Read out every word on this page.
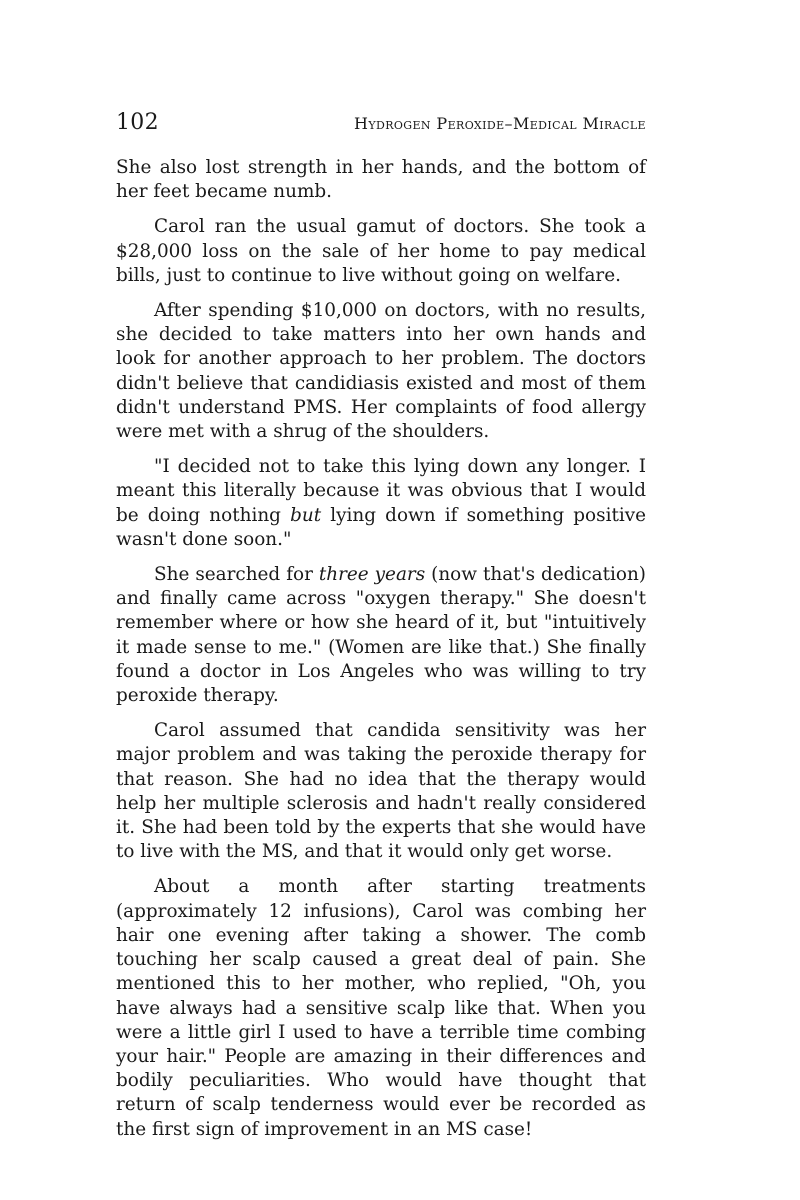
102	Hydrogen Peroxide–Medical Miracle

She also lost strength in her hands, and the bottom of her feet became numb.

Carol ran the usual gamut of doctors. She took a $28,000 loss on the sale of her home to pay medical bills, just to continue to live without going on welfare.

After spending $10,000 on doctors, with no results, she decided to take matters into her own hands and look for another approach to her problem. The doctors didn't believe that candidiasis existed and most of them didn't understand PMS. Her complaints of food allergy were met with a shrug of the shoulders.

"I decided not to take this lying down any longer. I meant this literally because it was obvious that I would be doing nothing but lying down if something positive wasn't done soon."

She searched for three years (now that's dedication) and finally came across "oxygen therapy." She doesn't remember where or how she heard of it, but "intuitively it made sense to me." (Women are like that.) She finally found a doctor in Los Angeles who was willing to try peroxide therapy.

Carol assumed that candida sensitivity was her major problem and was taking the peroxide therapy for that reason. She had no idea that the therapy would help her multiple sclerosis and hadn't really considered it. She had been told by the experts that she would have to live with the MS, and that it would only get worse.

About a month after starting treatments (approximately 12 infusions), Carol was combing her hair one evening after taking a shower. The comb touching her scalp caused a great deal of pain. She mentioned this to her mother, who replied, "Oh, you have always had a sensitive scalp like that. When you were a little girl I used to have a terrible time combing your hair." People are amazing in their differences and bodily peculiarities. Who would have thought that return of scalp tenderness would ever be recorded as the first sign of improvement in an MS case!
